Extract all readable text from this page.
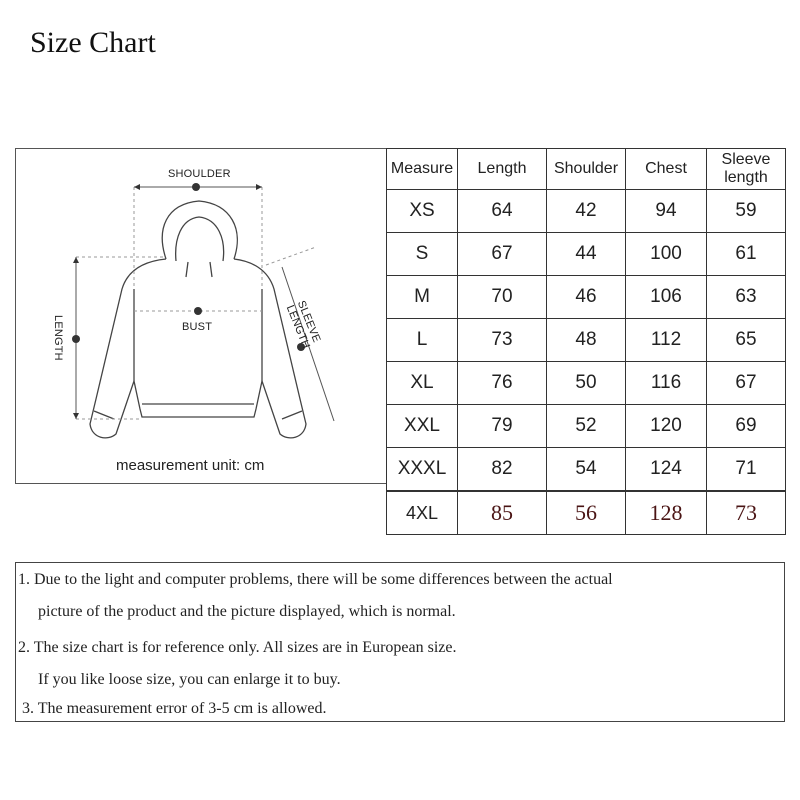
Size Chart
SHOULDER
BUST
LENGTH	SLEEVE LENGTH
measurement unit: cm
Measure	Length	Shoulder	Chest	Sleeve length
XS	64	42	94	59
S	67	44	100	61
M	70	46	106	63
L	73	48	112	65
XL	76	50	116	67
XXL	79	52	120	69
XXXL	82	54	124	71
4XL	85	56	128	73
1. Due to the light and computer problems, there will be some differences between the actual
picture of the product and the picture displayed, which is normal.
2. The size chart is for reference only. All sizes are in European size.
If you like loose size, you can enlarge it to buy.
3. The measurement error of 3-5 cm is allowed.
